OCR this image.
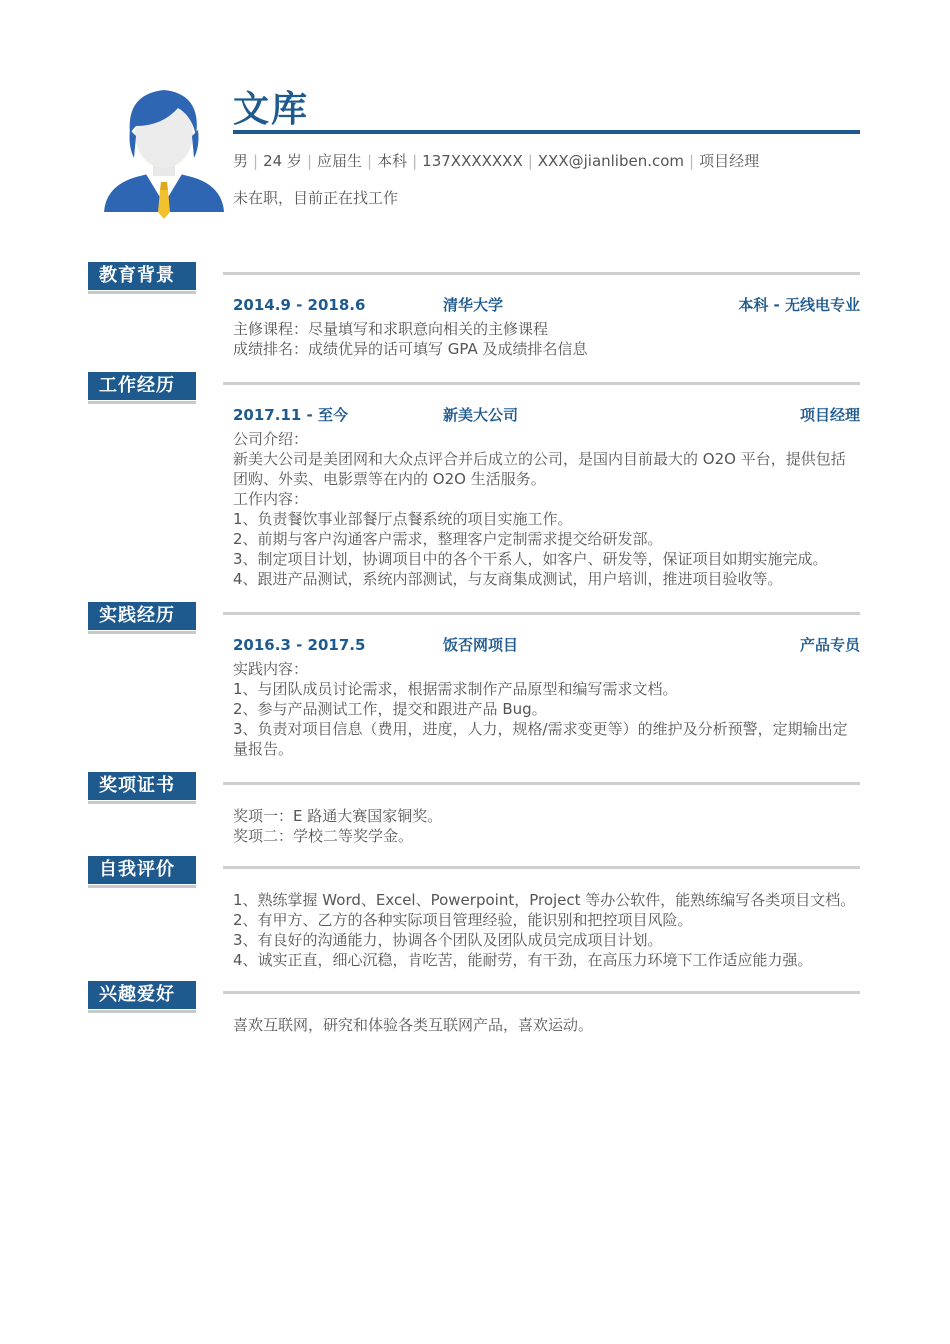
文库
男 | 24 岁 | 应届生 | 本科 | 137XXXXXXX | XXX@jianliben.com | 项目经理
未在职，目前正在找工作
教育背景
2014.9 - 2018.6	清华大学	本科 - 无线电专业
主修课程：尽量填写和求职意向相关的主修课程
成绩排名：成绩优异的话可填写 GPA 及成绩排名信息
工作经历
2017.11 - 至今	新美大公司	项目经理
公司介绍：
新美大公司是美团网和大众点评合并后成立的公司，是国内目前最大的 O2O 平台，提供包括团购、外卖、电影票等在内的 O2O 生活服务。
工作内容：
1、负责餐饮事业部餐厅点餐系统的项目实施工作。
2、前期与客户沟通客户需求，整理客户定制需求提交给研发部。
3、制定项目计划，协调项目中的各个干系人，如客户、研发等，保证项目如期实施完成。
4、跟进产品测试，系统内部测试，与友商集成测试，用户培训，推进项目验收等。
实践经历
2016.3 - 2017.5	饭否网项目	产品专员
实践内容：
1、与团队成员讨论需求，根据需求制作产品原型和编写需求文档。
2、参与产品测试工作，提交和跟进产品 Bug。
3、负责对项目信息（费用，进度，人力，规格/需求变更等）的维护及分析预警，定期输出定量报告。
奖项证书
奖项一：E 路通大赛国家铜奖。
奖项二：学校二等奖学金。
自我评价
1、熟练掌握 Word、Excel、Powerpoint，Project 等办公软件，能熟练编写各类项目文档。
2、有甲方、乙方的各种实际项目管理经验，能识别和把控项目风险。
3、有良好的沟通能力，协调各个团队及团队成员完成项目计划。
4、诚实正直，细心沉稳，肯吃苦，能耐劳，有干劲，在高压力环境下工作适应能力强。
兴趣爱好
喜欢互联网，研究和体验各类互联网产品，喜欢运动。
